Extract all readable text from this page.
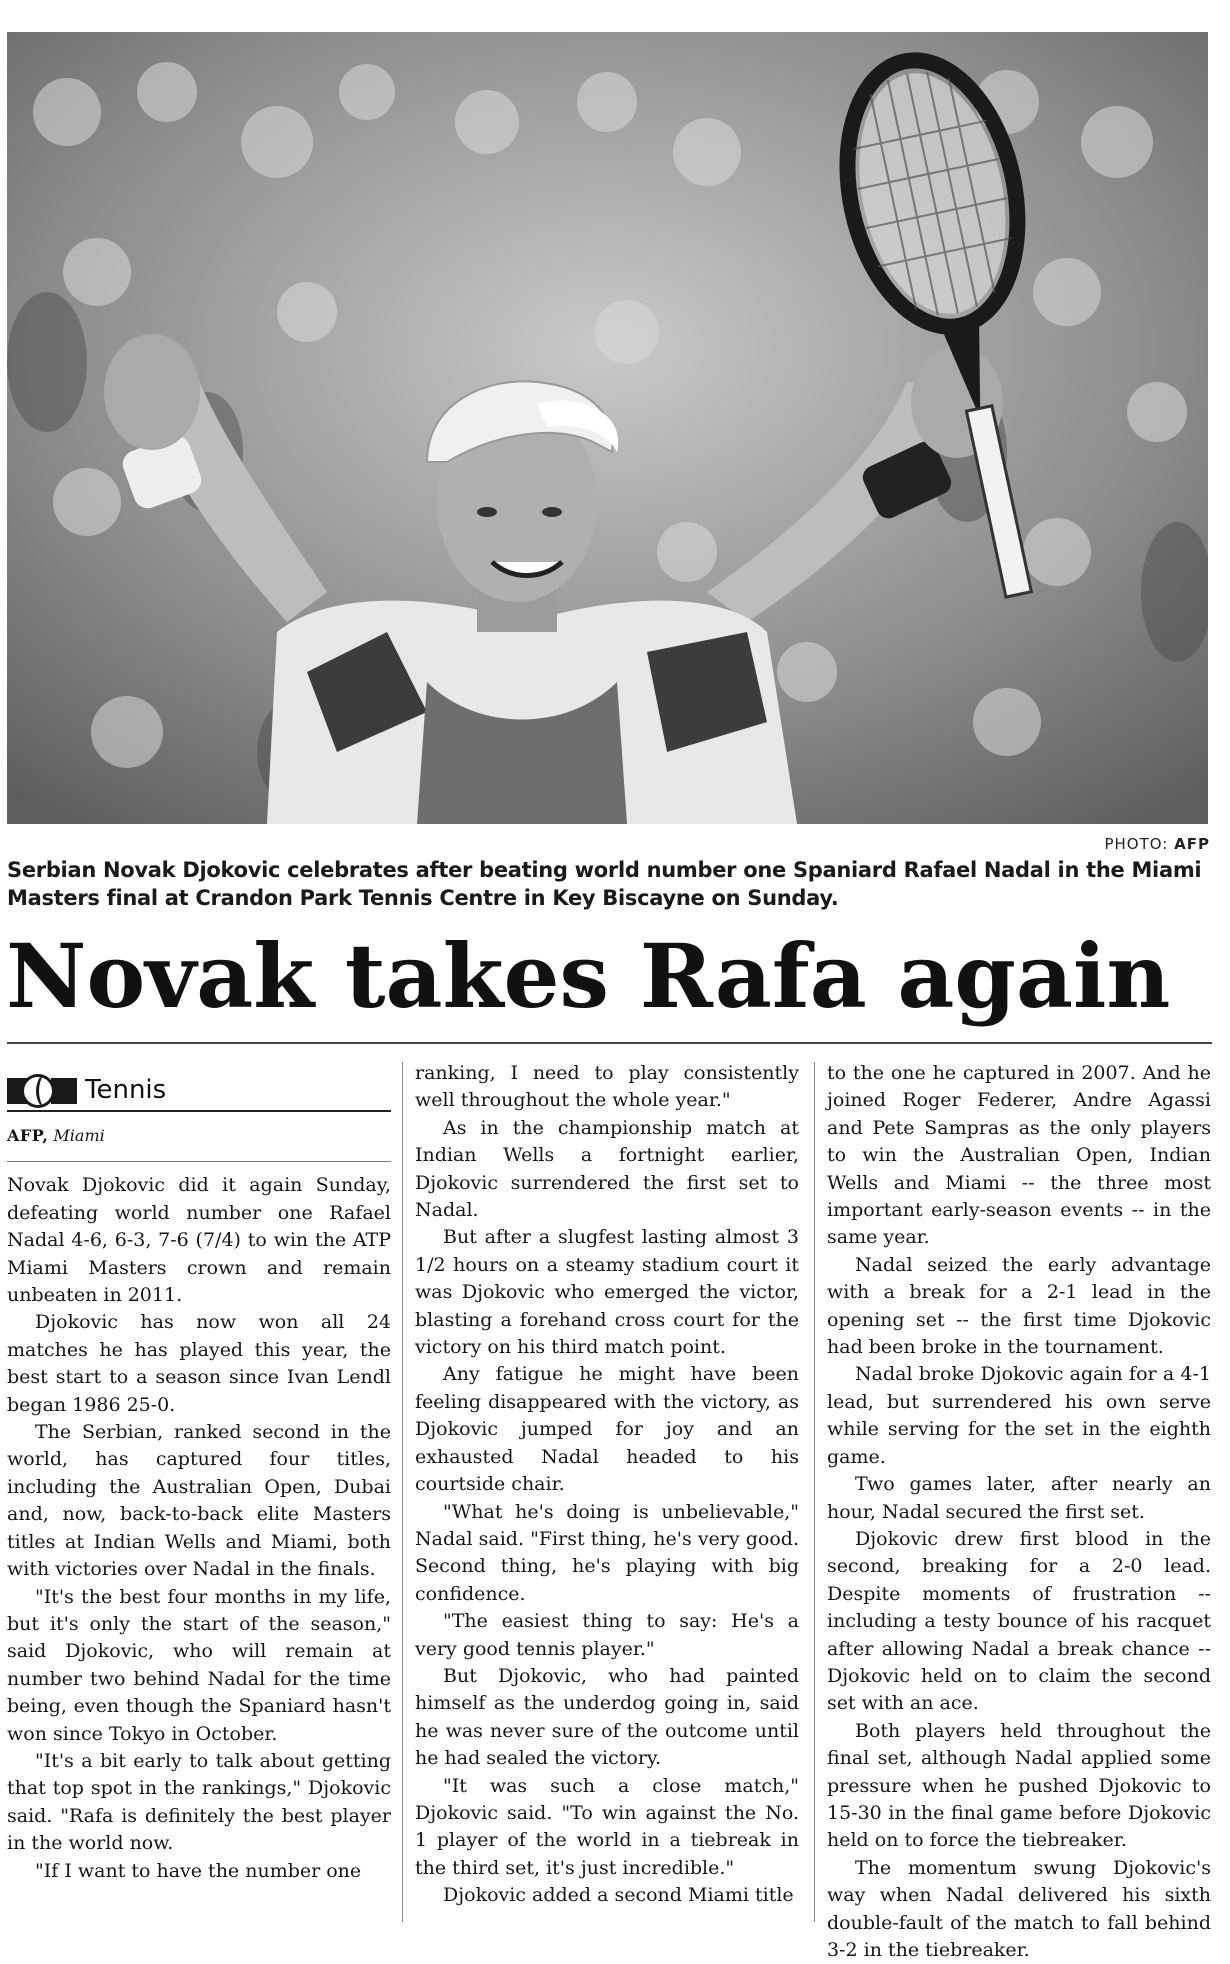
PHOTO: AFP
Serbian Novak Djokovic celebrates after beating world number one Spaniard Rafael Nadal in the Miami Masters final at Crandon Park Tennis Centre in Key Biscayne on Sunday.
Novak takes Rafa again
Tennis
AFP, Miami

Novak Djokovic did it again Sunday, defeating world number one Rafael Nadal 4-6, 6-3, 7-6 (7/4) to win the ATP Miami Masters crown and remain unbeaten in 2011.

Djokovic has now won all 24 matches he has played this year, the best start to a season since Ivan Lendl began 1986 25-0.

The Serbian, ranked second in the world, has captured four titles, including the Australian Open, Dubai and, now, back-to-back elite Masters titles at Indian Wells and Miami, both with victories over Nadal in the finals.

"It's the best four months in my life, but it's only the start of the season," said Djokovic, who will remain at number two behind Nadal for the time being, even though the Spaniard hasn't won since Tokyo in October.

"It's a bit early to talk about getting that top spot in the rankings," Djokovic said. "Rafa is definitely the best player in the world now.

"If I want to have the number one

ranking, I need to play consistently well throughout the whole year."

As in the championship match at Indian Wells a fortnight earlier, Djokovic surrendered the first set to Nadal.

But after a slugfest lasting almost 3 1/2 hours on a steamy stadium court it was Djokovic who emerged the victor, blasting a forehand cross court for the victory on his third match point.

Any fatigue he might have been feeling disappeared with the victory, as Djokovic jumped for joy and an exhausted Nadal headed to his courtside chair.

"What he's doing is unbelievable," Nadal said. "First thing, he's very good. Second thing, he's playing with big confidence.

"The easiest thing to say: He's a very good tennis player."

But Djokovic, who had painted himself as the underdog going in, said he was never sure of the outcome until he had sealed the victory.

"It was such a close match," Djokovic said. "To win against the No. 1 player of the world in a tiebreak in the third set, it's just incredible."

Djokovic added a second Miami title

to the one he captured in 2007. And he joined Roger Federer, Andre Agassi and Pete Sampras as the only players to win the Australian Open, Indian Wells and Miami -- the three most important early-season events -- in the same year.

Nadal seized the early advantage with a break for a 2-1 lead in the opening set -- the first time Djokovic had been broke in the tournament.

Nadal broke Djokovic again for a 4-1 lead, but surrendered his own serve while serving for the set in the eighth game.

Two games later, after nearly an hour, Nadal secured the first set.

Djokovic drew first blood in the second, breaking for a 2-0 lead. Despite moments of frustration -- including a testy bounce of his racquet after allowing Nadal a break chance -- Djokovic held on to claim the second set with an ace.

Both players held throughout the final set, although Nadal applied some pressure when he pushed Djokovic to 15-30 in the final game before Djokovic held on to force the tiebreaker.

The momentum swung Djokovic's way when Nadal delivered his sixth double-fault of the match to fall behind 3-2 in the tiebreaker.
